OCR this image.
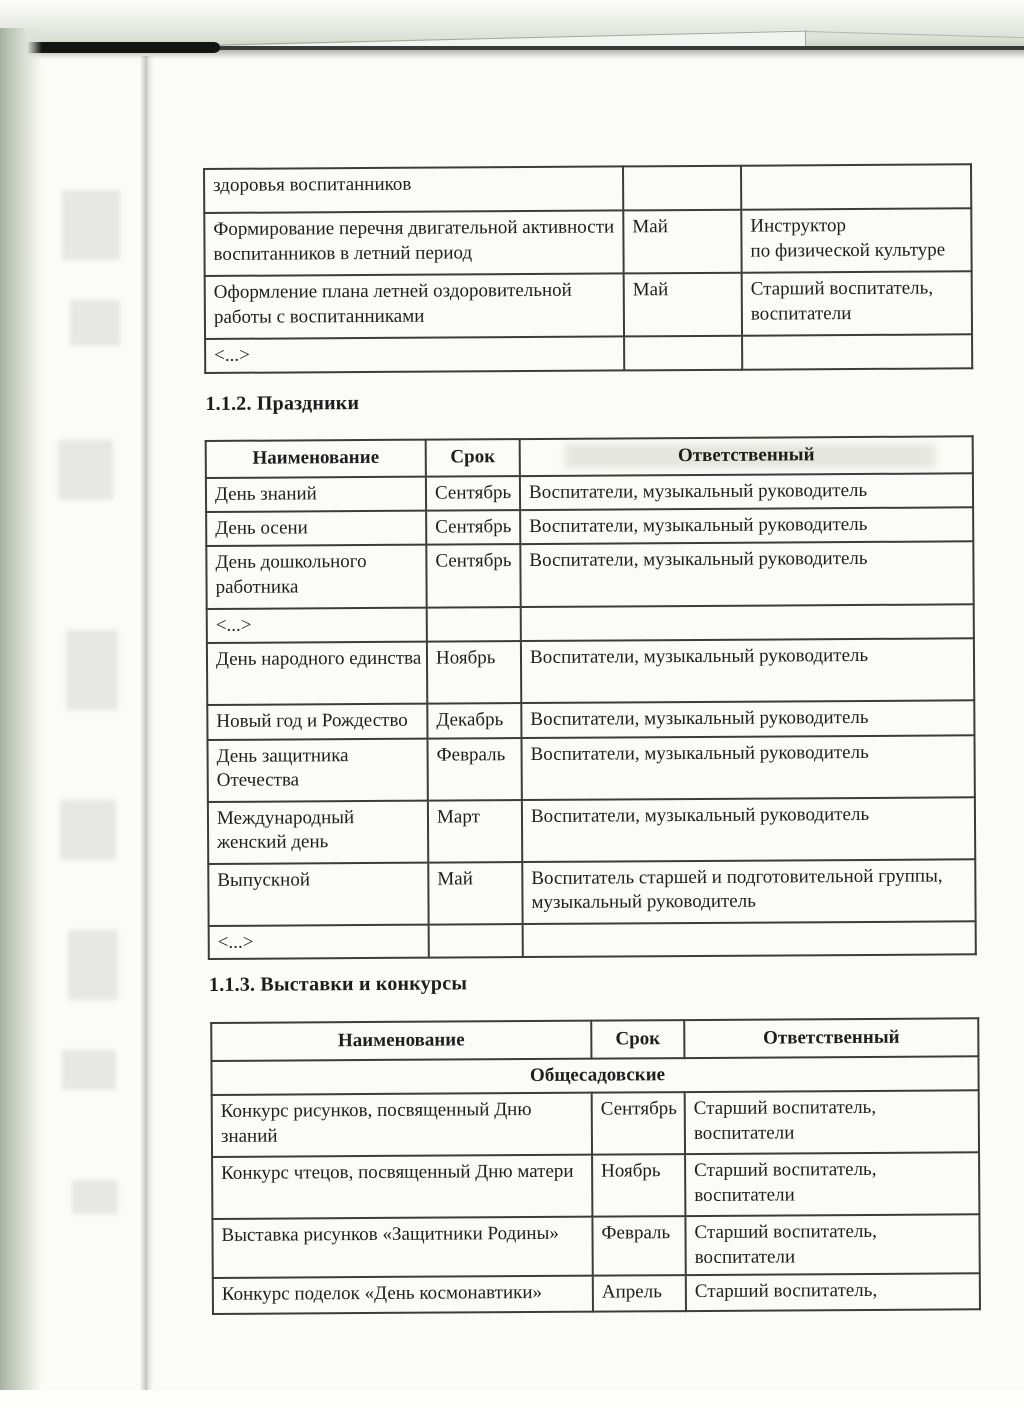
здоровья воспитанников		
Формирование перечня двигательной активности воспитанников в летний период	Май	Инструктор
по физической культуре
Оформление плана летней оздоровительной работы с воспитанниками	Май	Старший воспитатель,
воспитатели
<...>		
1.1.2. Праздники
Наименование	Срок	Ответственный
День знаний	Сентябрь	Воспитатели, музыкальный руководитель
День осени	Сентябрь	Воспитатели, музыкальный руководитель
День дошкольного работника	Сентябрь	Воспитатели, музыкальный руководитель
<...>		
День народного единства	Ноябрь	Воспитатели, музыкальный руководитель
Новый год и Рождество	Декабрь	Воспитатели, музыкальный руководитель
День защитника Отечества	Февраль	Воспитатели, музыкальный руководитель
Международный женский день	Март	Воспитатели, музыкальный руководитель
Выпускной	Май	Воспитатель старшей и подготовительной группы,
музыкальный руководитель
<...>		
1.1.3. Выставки и конкурсы
Наименование	Срок	Ответственный
Общесадовские		
Конкурс рисунков, посвященный Дню знаний	Сентябрь	Старший воспитатель,
воспитатели
Конкурс чтецов, посвященный Дню матери	Ноябрь	Старший воспитатель,
воспитатели
Выставка рисунков «Защитники Родины»	Февраль	Старший воспитатель,
воспитатели
Конкурс поделок «День космонавтики»	Апрель	Старший воспитатель,
